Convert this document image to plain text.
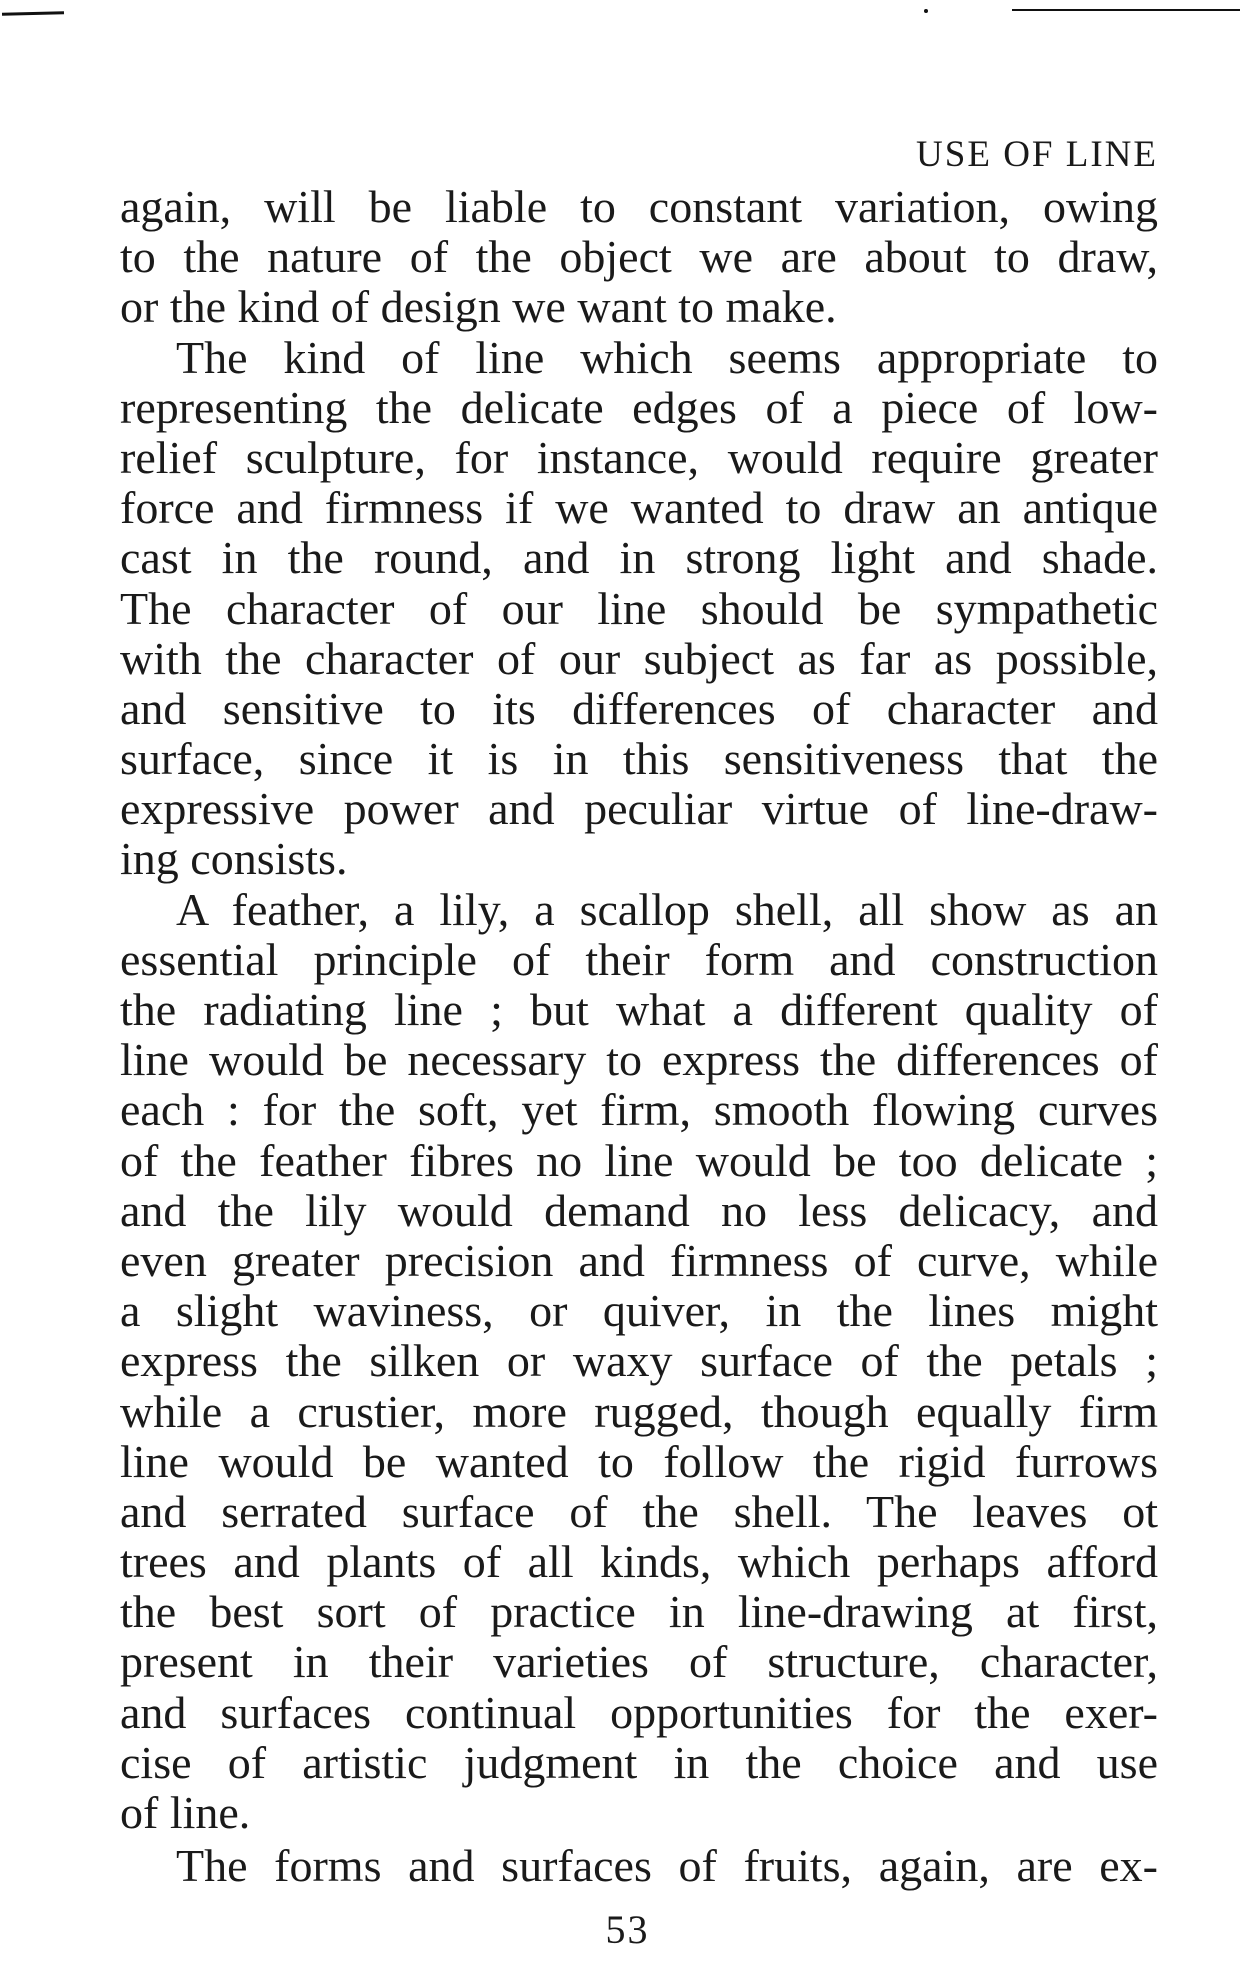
USE OF LINE
again, will be liable to constant variation, owing
to the nature of the object we are about to draw,
or the kind of design we want to make.
The kind of line which seems appropriate to
representing the delicate edges of a piece of low-
relief sculpture, for instance, would require greater
force and firmness if we wanted to draw an antique
cast in the round, and in strong light and shade.
The character of our line should be sympathetic
with the character of our subject as far as possible,
and sensitive to its differences of character and
surface, since it is in this sensitiveness that the
expressive power and peculiar virtue of line-draw-
ing consists.
A feather, a lily, a scallop shell, all show as an
essential principle of their form and construction
the radiating line ; but what a different quality of
line would be necessary to express the differences of
each : for the soft, yet firm, smooth flowing curves
of the feather fibres no line would be too delicate ;
and the lily would demand no less delicacy, and
even greater precision and firmness of curve, while
a slight waviness, or quiver, in the lines might
express the silken or waxy surface of the petals ;
while a crustier, more rugged, though equally firm
line would be wanted to follow the rigid furrows
and serrated surface of the shell. The leaves ot
trees and plants of all kinds, which perhaps afford
the best sort of practice in line-drawing at first,
present in their varieties of structure, character,
and surfaces continual opportunities for the exer-
cise of artistic judgment in the choice and use
of line.
The forms and surfaces of fruits, again, are ex-
53
